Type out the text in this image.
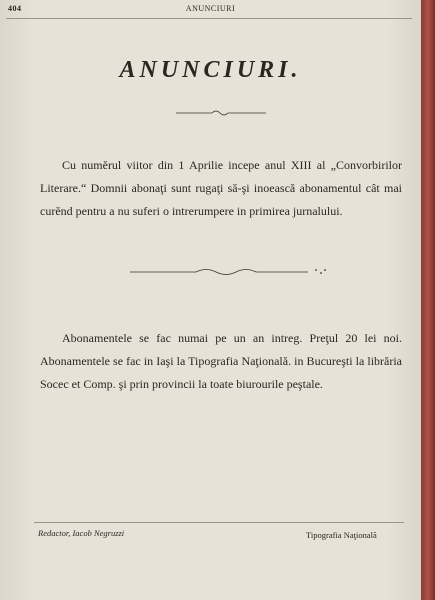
404	ANUNCIURI
ANUNCIURI.

Cu numĕrul viitor din 1 Aprilie incepe anul XIII al „Convorbirilor Literare.“ Domnii abonaţi sunt rugaţi să-şi inoească abonamentul cât mai curĕnd pentru a nu suferi o intrerumpere in primirea jurnalului.

Abonamentele se fac numai pe un an intreg. Preţul 20 lei noi. Abonamentele se fac in Iaşi la Tipografia Naţională. in Bucureşti la librăria Socec et Comp. şi prin provincii la toate biurourile peştale.

Redactor, Iacob Negruzzi	Tipografia Naţională
